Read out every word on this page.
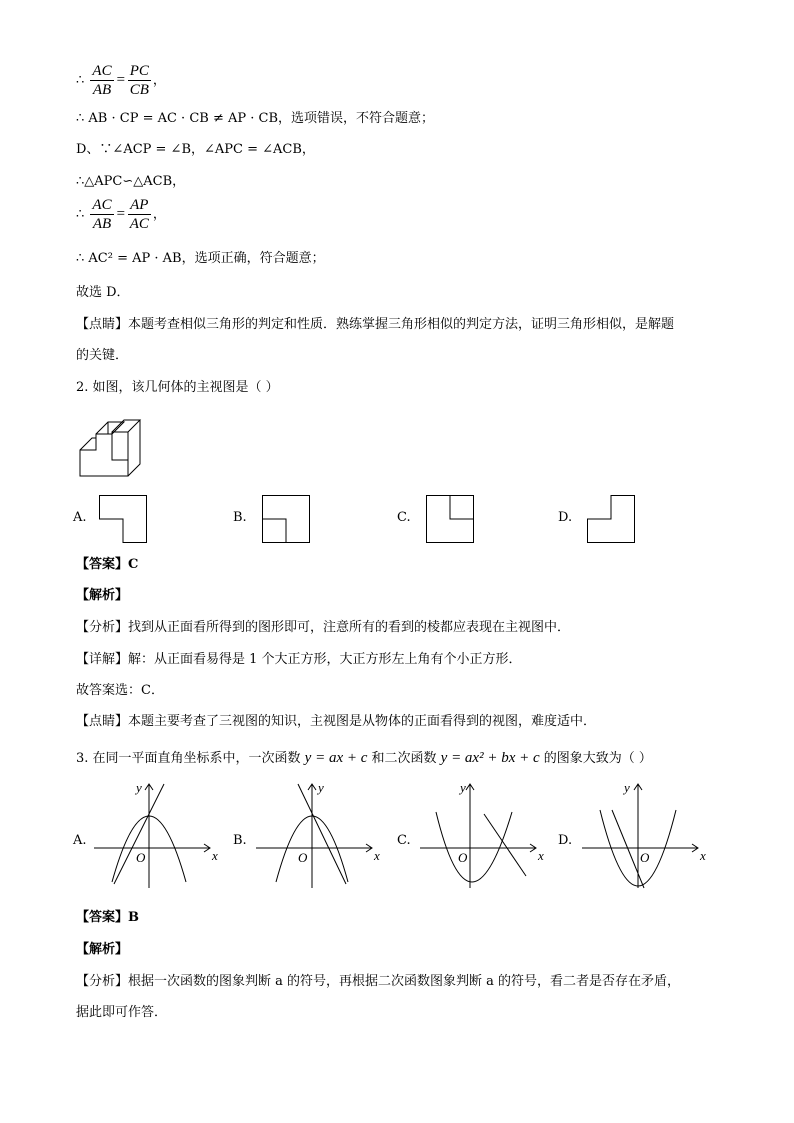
∴ $\frac{AC}{AB} = \frac{PC}{CB}$ ，
∴ AB · CP = AC · CB ≠ AP · CB，选项错误，不符合题意；
D、∵∠ACP = ∠B，∠APC = ∠ACB，
∴△APC∽△ACB，
∴ $\frac{AC}{AB} = \frac{AP}{AC}$ ，
∴ AC² = AP · AB，选项正确，符合题意；
故选 D．
【点睛】本题考查相似三角形的判定和性质．熟练掌握三角形相似的判定方法，证明三角形相似，是解题
的关键．
2. 如图，该几何体的主视图是（ ）
A.	B.	C.	D.
【答案】C
【解析】
【分析】找到从正面看所得到的图形即可，注意所有的看到的棱都应表现在主视图中．
【详解】解：从正面看易得是 1 个大正方形，大正方形左上角有个小正方形．
故答案选：C．
【点睛】本题主要考查了三视图的知识，主视图是从物体的正面看得到的视图，难度适中．
3. 在同一平面直角坐标系中，一次函数 y = ax + c 和二次函数 y = ax² + bx + c 的图象大致为（ ）
A.
x
y
O
B.
x
y
O
C.
x
y
O
D.
x
y
O
【答案】B
【解析】
【分析】根据一次函数的图象判断 a 的符号，再根据二次函数图象判断 a 的符号，看二者是否存在矛盾，
据此即可作答．
